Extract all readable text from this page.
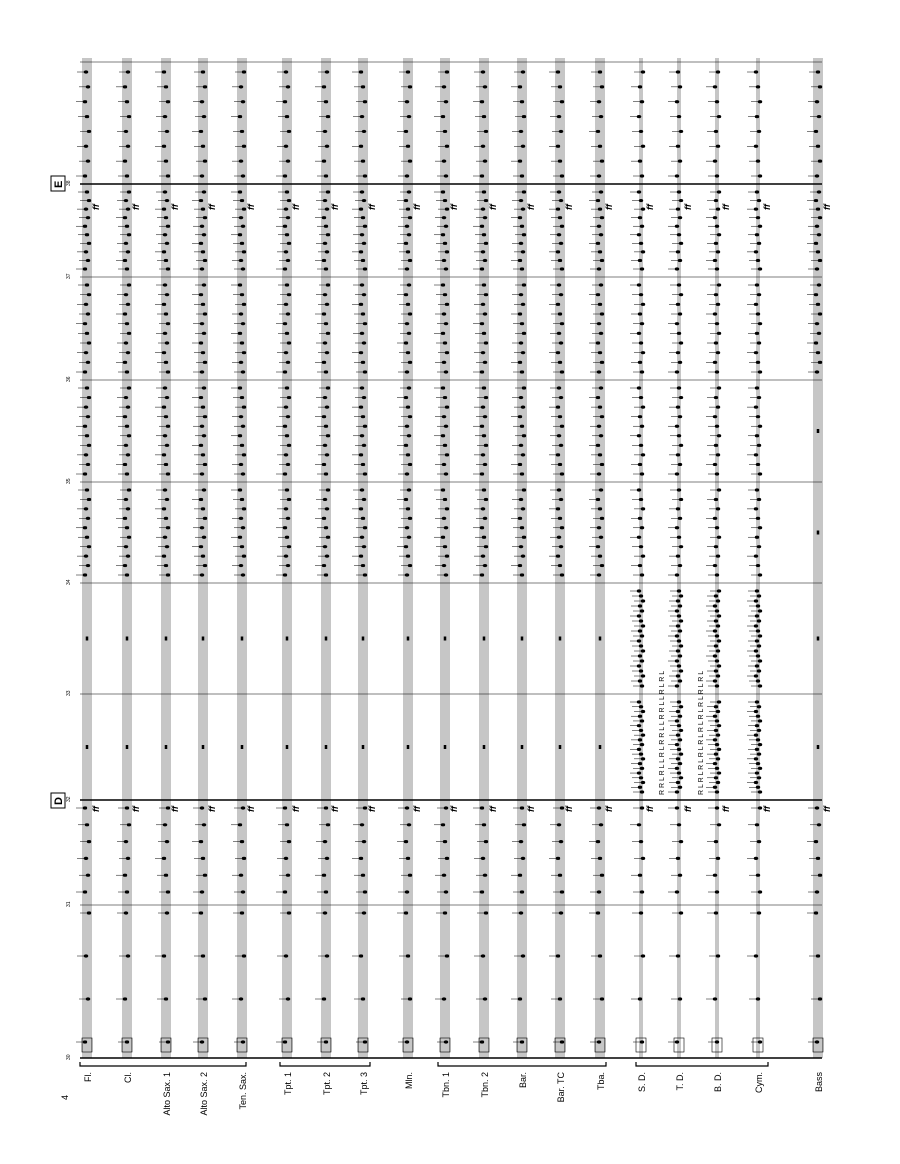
ff
ff
ff
ff
ff
ff
ff
ff
ff
ff
ff
ff
ff
ff
ff
ff
ff
ff
ff
ff
ff
ff
ff
ff
ff
ff
ff
ff
ff
ff
ff
ff
ff
ff
ff
ff
ff
ff
Fl.	Cl.	Alto Sax. 1	Alto Sax. 2	Ten. Sax.	Tpt. 1	Tpt. 2	Tpt. 3	Mln.	Tbn. 1	Tbn. 2	Bar.	Bar. TC	Tba.	S. D.	T. D.	B. D.	Cym.	Bass
30
31
32
33
34
35
36
37
38
4
D
E
R R L R L L R L R R L L R R L L R L R L	R L R L R L R L R L R L R L R L R L R L
